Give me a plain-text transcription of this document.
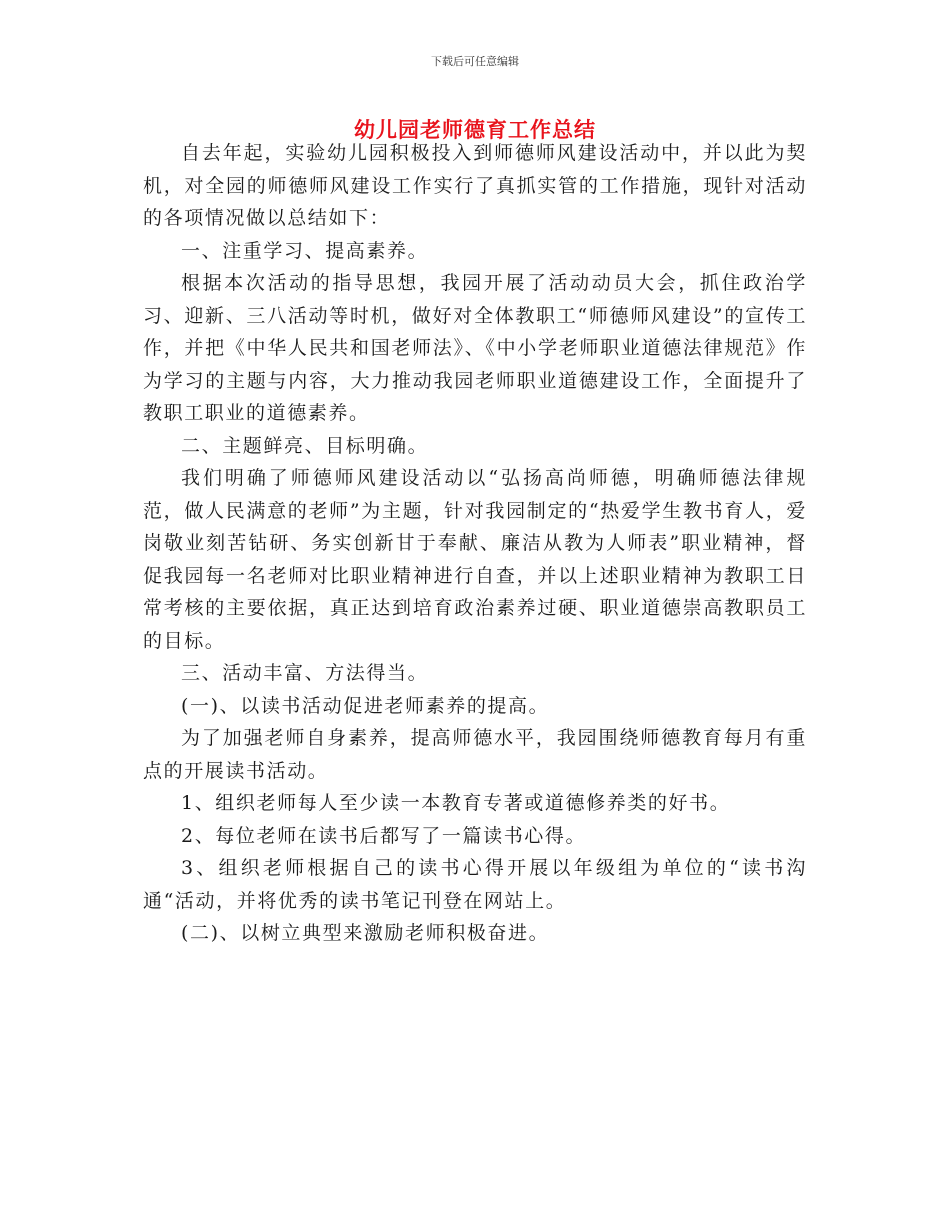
下载后可任意编辑
幼儿园老师德育工作总结

自去年起，实验幼儿园积极投入到师德师风建设活动中，并以此为契机，对全园的师德师风建设工作实行了真抓实管的工作措施，现针对活动的各项情况做以总结如下：

一、注重学习、提高素养。

根据本次活动的指导思想，我园开展了活动动员大会，抓住政治学习、迎新、三八活动等时机，做好对全体教职工“师德师风建设”的宣传工作，并把《中华人民共和国老师法》、《中小学老师职业道德法律规范》作为学习的主题与内容，大力推动我园老师职业道德建设工作，全面提升了教职工职业的道德素养。

二、主题鲜亮、目标明确。

我们明确了师德师风建设活动以“弘扬高尚师德，明确师德法律规范，做人民满意的老师”为主题，针对我园制定的“热爱学生教书育人，爱岗敬业刻苦钻研、务实创新甘于奉献、廉洁从教为人师表”职业精神，督促我园每一名老师对比职业精神进行自查，并以上述职业精神为教职工日常考核的主要依据，真正达到培育政治素养过硬、职业道德崇高教职员工的目标。

三、活动丰富、方法得当。

(一)、以读书活动促进老师素养的提高。

为了加强老师自身素养，提高师德水平，我园围绕师德教育每月有重点的开展读书活动。

1、组织老师每人至少读一本教育专著或道德修养类的好书。

2、每位老师在读书后都写了一篇读书心得。

3、组织老师根据自己的读书心得开展以年级组为单位的“读书沟通“活动，并将优秀的读书笔记刊登在网站上。

(二)、以树立典型来激励老师积极奋进。
